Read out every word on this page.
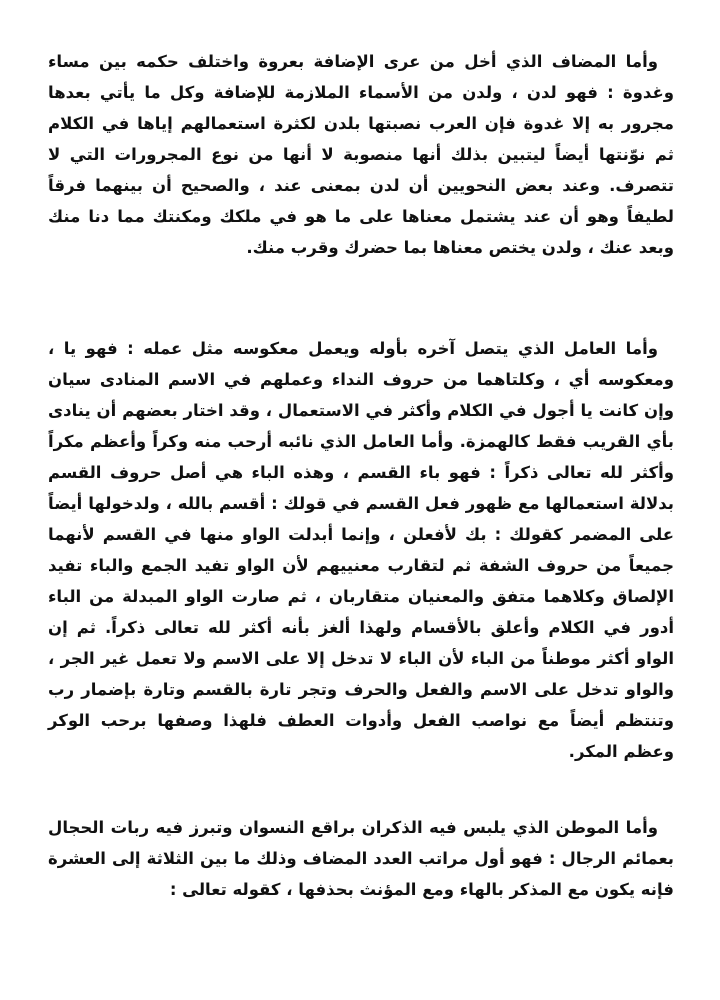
وأما المضاف الذي أخل من عرى الإضافة بعروة واختلف حكمه بين مساء وغدوة : فهو لدن ، ولدن من الأسماء الملازمة للإضافة وكل ما يأتي بعدها مجرور به إلا غدوة فإن العرب نصبتها بلدن لكثرة استعمالهم إياها في الكلام ثم نوّنتها أيضاً ليتبين بذلك أنها منصوبة لا أنها من نوع المجرورات التي لا تتصرف. وعند بعض النحويين أن لدن بمعنى عند ، والصحيح أن بينهما فرقاً لطيفاً وهو أن عند يشتمل معناها على ما هو في ملكك ومكنتك مما دنا منك وبعد عنك ، ولدن يختص معناها بما حضرك وقرب منك.

وأما العامل الذي يتصل آخره بأوله ويعمل معكوسه مثل عمله : فهو يا ، ومعكوسه أي ، وكلتاهما من حروف النداء وعملهم في الاسم المنادى سيان وإن كانت يا أجول في الكلام وأكثر في الاستعمال ، وقد اختار بعضهم أن ينادى بأي القريب فقط كالهمزة. وأما العامل الذي نائبه أرحب منه وكراً وأعظم مكراً وأكثر لله تعالى ذكراً : فهو باء القسم ، وهذه الباء هي أصل حروف القسم بدلالة استعمالها مع ظهور فعل القسم في قولك : أقسم بالله ، ولدخولها أيضاً على المضمر كقولك : بك لأفعلن ، وإنما أبدلت الواو منها في القسم لأنهما جميعاً من حروف الشفة ثم لتقارب معنييهم لأن الواو تفيد الجمع والباء تفيد الإلصاق وكلاهما متفق والمعنيان متقاربان ، ثم صارت الواو المبدلة من الباء أدور في الكلام وأعلق بالأقسام ولهذا ألغز بأنه أكثر لله تعالى ذكراً. ثم إن الواو أكثر موطناً من الباء لأن الباء لا تدخل إلا على الاسم ولا تعمل غير الجر ، والواو تدخل على الاسم والفعل والحرف وتجر تارة بالقسم وتارة بإضمار رب وتنتظم أيضاً مع نواصب الفعل وأدوات العطف فلهذا وصفها برحب الوكر وعظم المكر.

وأما الموطن الذي يلبس فيه الذكران براقع النسوان وتبرز فيه ربات الحجال بعمائم الرجال : فهو أول مراتب العدد المضاف وذلك ما بين الثلاثة إلى العشرة فإنه يكون مع المذكر بالهاء ومع المؤنث بحذفها ، كقوله تعالى :
